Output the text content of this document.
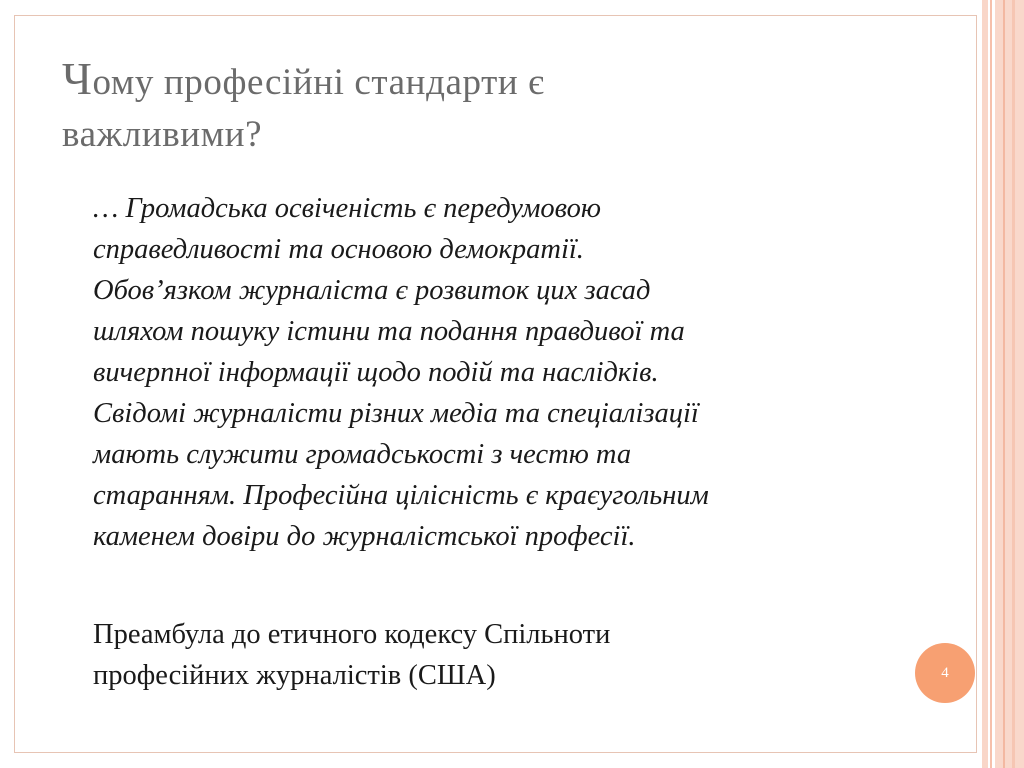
Чому професійні стандарти є
важливими?

… Громадська освіченість є передумовою
справедливості та основою демократії.
Обов’язком журналіста є розвиток цих засад
шляхом пошуку істини та подання правдивої та
вичерпної інформації щодо подій та наслідків.
Свідомі журналісти різних медіа та спеціалізації
мають служити громадськості з честю та
старанням. Професійна цілісність є краєугольним
каменем довіри до журналістської професії.

Преамбула до етичного кодексу Спільноти
професійних журналістів (США)	4
